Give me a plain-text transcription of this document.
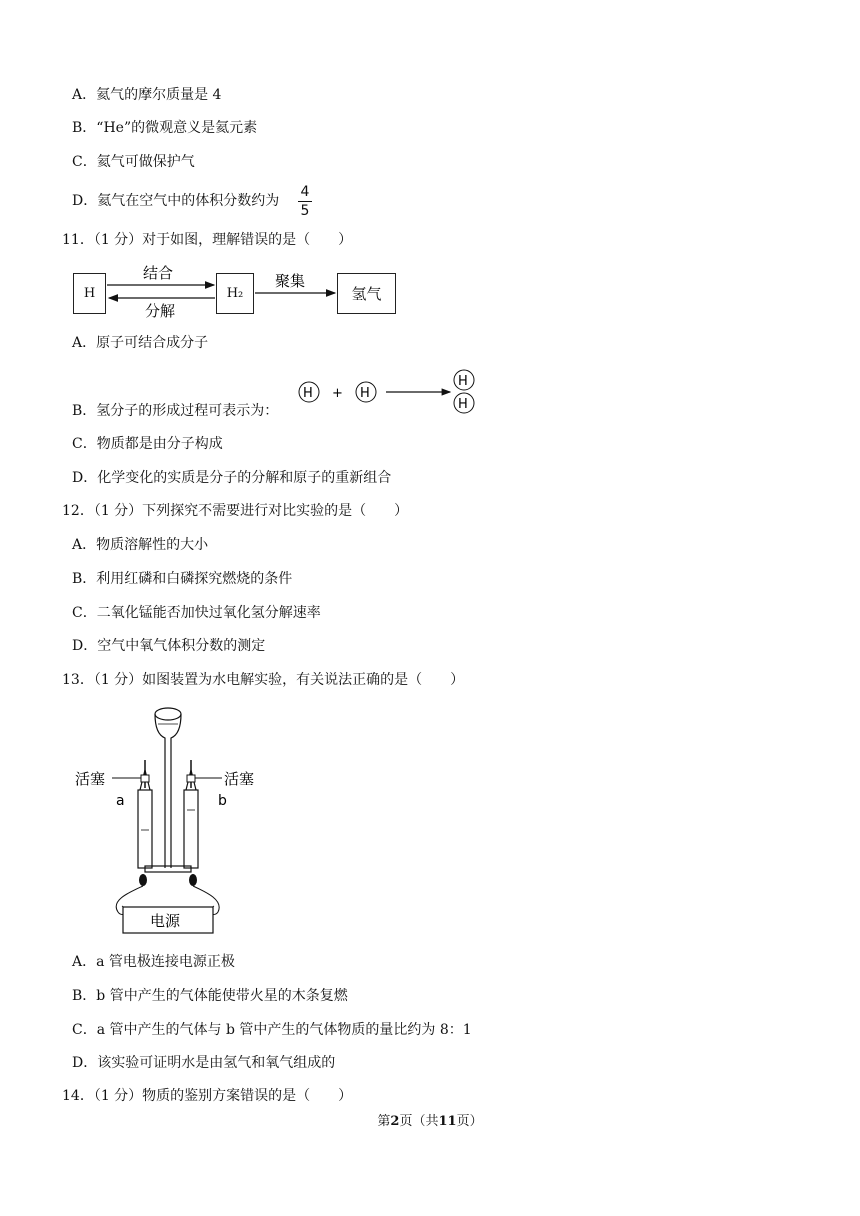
A．氦气的摩尔质量是 4
B．“He”的微观意义是氦元素
C．氦气可做保护气
D．氦气在空气中的体积分数约为
4
5
11．（1 分）对于如图，理解错误的是（　　）
H	H₂	氢气
结合
分解
聚集
H + H
H
H
A．原子可结合成分子
B．氢分子的形成过程可表示为：
C．物质都是由分子构成
D．化学变化的实质是分子的分解和原子的重新组合
12．（1 分）下列探究不需要进行对比实验的是（　　）
A．物质溶解性的大小
B．利用红磷和白磷探究燃烧的条件
C．二氧化锰能否加快过氧化氢分解速率
D．空气中氧气体积分数的测定
13．（1 分）如图装置为水电解实验，有关说法正确的是（　　）
电源
活塞	活塞
a	b
A．a 管电极连接电源正极
B．b 管中产生的气体能使带火星的木条复燃
C．a 管中产生的气体与 b 管中产生的气体物质的量比约为 8：1
D．该实验可证明水是由氢气和氧气组成的
14．（1 分）物质的鉴别方案错误的是（　　）
第2页（共11页）
